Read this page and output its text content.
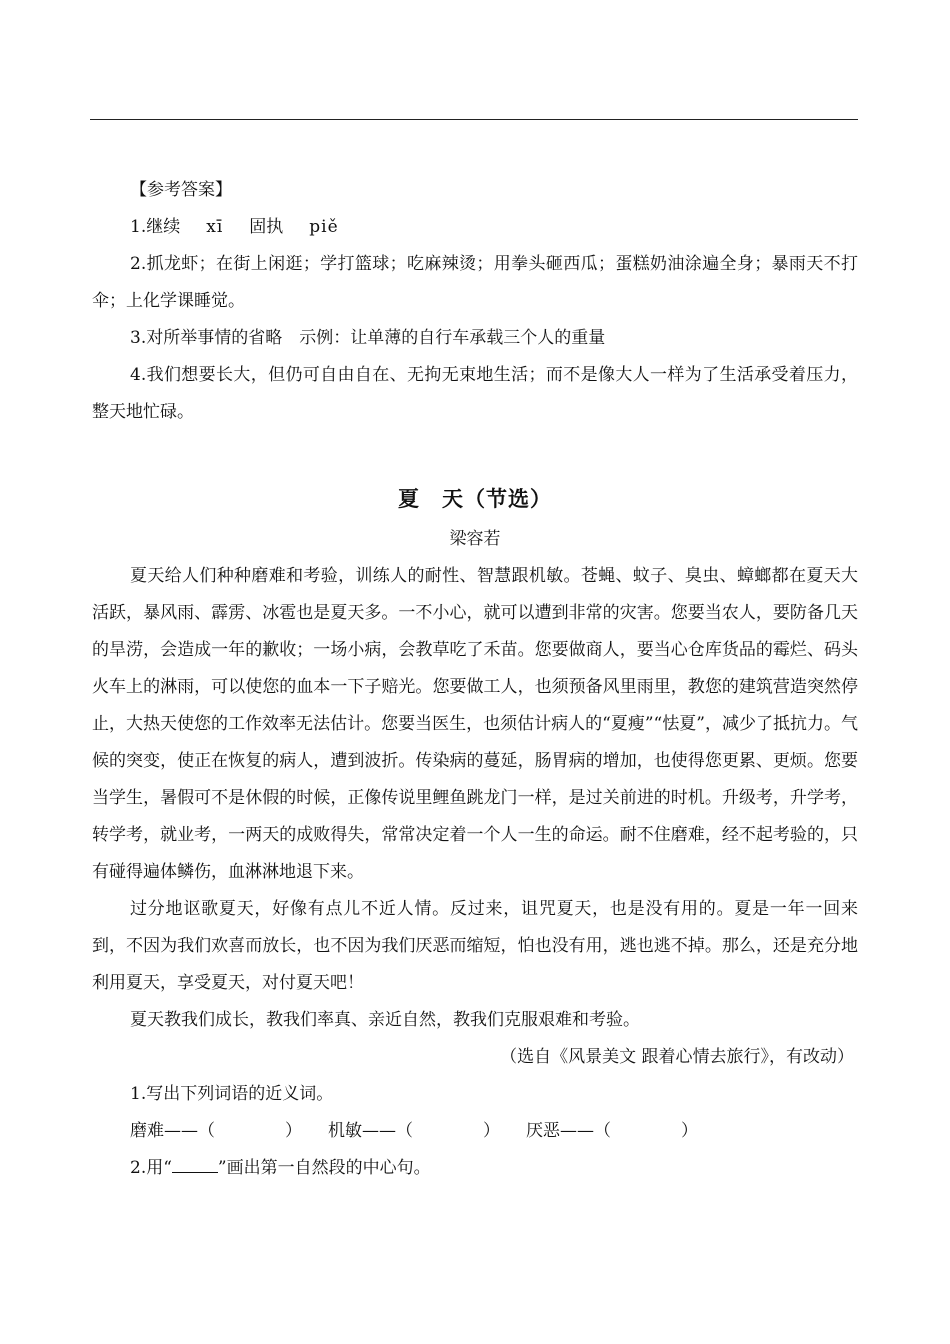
【参考答案】

1.继续 xī 固执 piě

2.抓龙虾；在街上闲逛；学打篮球；吃麻辣烫；用拳头砸西瓜；蛋糕奶油涂遍全身；暴雨天不打伞；上化学课睡觉。

3.对所举事情的省略　示例：让单薄的自行车承载三个人的重量

4.我们想要长大，但仍可自由自在、无拘无束地生活；而不是像大人一样为了生活承受着压力，整天地忙碌。

夏　天（节选）

梁容若

夏天给人们种种磨难和考验，训练人的耐性、智慧跟机敏。苍蝇、蚊子、臭虫、蟑螂都在夏天大活跃，暴风雨、霹雳、冰雹也是夏天多。一不小心，就可以遭到非常的灾害。您要当农人，要防备几天的旱涝，会造成一年的歉收；一场小病，会教草吃了禾苗。您要做商人，要当心仓库货品的霉烂、码头火车上的淋雨，可以使您的血本一下子赔光。您要做工人，也须预备风里雨里，教您的建筑营造突然停止，大热天使您的工作效率无法估计。您要当医生，也须估计病人的“夏瘦”“怯夏”，减少了抵抗力。气候的突变，使正在恢复的病人，遭到波折。传染病的蔓延，肠胃病的增加，也使得您更累、更烦。您要当学生，暑假可不是休假的时候，正像传说里鲤鱼跳龙门一样，是过关前进的时机。升级考，升学考，转学考，就业考，一两天的成败得失，常常决定着一个人一生的命运。耐不住磨难，经不起考验的，只有碰得遍体鳞伤，血淋淋地退下来。

过分地讴歌夏天，好像有点儿不近人情。反过来，诅咒夏天，也是没有用的。夏是一年一回来到，不因为我们欢喜而放长，也不因为我们厌恶而缩短，怕也没有用，逃也逃不掉。那么，还是充分地利用夏天，享受夏天，对付夏天吧！

夏天教我们成长，教我们率真、亲近自然，教我们克服艰难和考验。

（选自《风景美文 跟着心情去旅行》，有改动）

1.写出下列词语的近义词。

磨难——（	） 机敏——（	） 厌恶——（	）

2.用“	”画出第一自然段的中心句。
